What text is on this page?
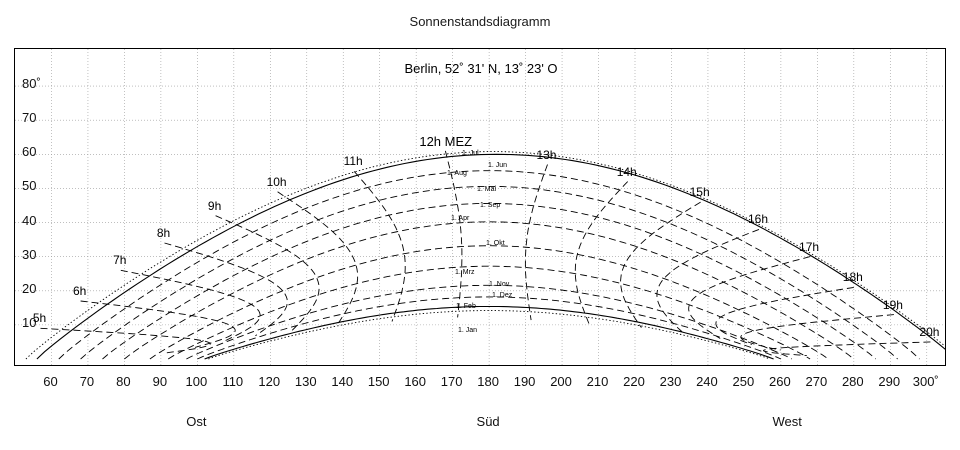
Sonnenstandsdiagramm
Berlin, 52˚ 31' N, 13˚ 23' O
10
20
30
40
50
60
70
80˚
60	70	80	90	100	110	120	130	140	150	160	170	180	190	200	210	220	230	240	250	260	270	280	290 300˚
5h
6h
7h
8h
9h
10h
11h
12h MEZ
13h
14h
15h
16h
17h
18h
19h
20h
1. Jul
1. Jun
1. Aug
1. Mai
1. Sep
1. Apr
1. Okt
1. Mrz
1. Nov
1. Feb
1. Dez
1. Jan
Ost	Süd	West
